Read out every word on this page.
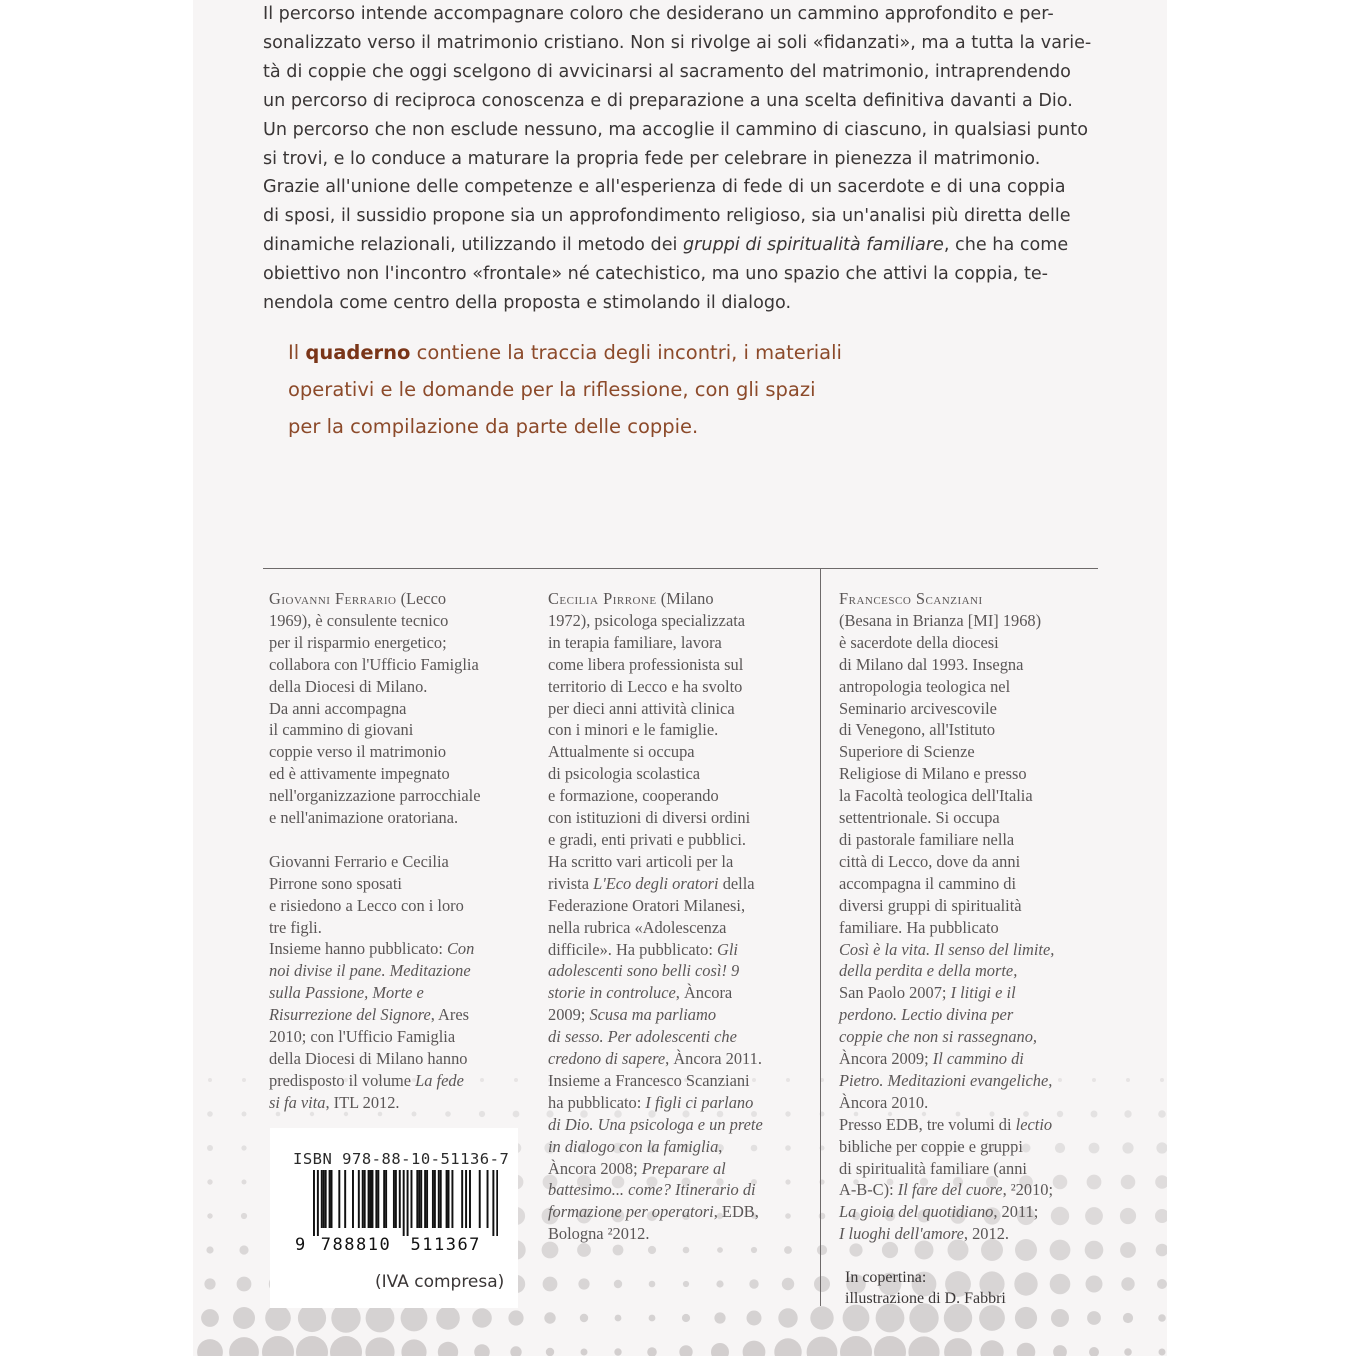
Il percorso intende accompagnare coloro che desiderano un cammino approfondito e per-

sonalizzato verso il matrimonio cristiano. Non si rivolge ai soli «fidanzati», ma a tutta la varie-

tà di coppie che oggi scelgono di avvicinarsi al sacramento del matrimonio, intraprendendo

un percorso di reciproca conoscenza e di preparazione a una scelta definitiva davanti a Dio.

Un percorso che non esclude nessuno, ma accoglie il cammino di ciascuno, in qualsiasi punto

si trovi, e lo conduce a maturare la propria fede per celebrare in pienezza il matrimonio.

Grazie all'unione delle competenze e all'esperienza di fede di un sacerdote e di una coppia

di sposi, il sussidio propone sia un approfondimento religioso, sia un'analisi più diretta delle

dinamiche relazionali, utilizzando il metodo dei gruppi di spiritualità familiare, che ha come

obiettivo non l'incontro «frontale» né catechistico, ma uno spazio che attivi la coppia, te-

nendola come centro della proposta e stimolando il dialogo.

Il quaderno contiene la traccia degli incontri, i materiali
operativi e le domande per la riflessione, con gli spazi
per la compilazione da parte delle coppie.

Giovanni Ferrario (Lecco

1969), è consulente tecnico

per il risparmio energetico;

collabora con l'Ufficio Famiglia

della Diocesi di Milano.

Da anni accompagna

il cammino di giovani

coppie verso il matrimonio

ed è attivamente impegnato

nell'organizzazione parrocchiale

e nell'animazione oratoriana.

Giovanni Ferrario e Cecilia

Pirrone sono sposati

e risiedono a Lecco con i loro

tre figli.

Insieme hanno pubblicato: Con

noi divise il pane. Meditazione

sulla Passione, Morte e

Risurrezione del Signore, Ares

2010; con l'Ufficio Famiglia

della Diocesi di Milano hanno

predisposto il volume La fede

si fa vita, ITL 2012.

Cecilia Pirrone (Milano

1972), psicologa specializzata

in terapia familiare, lavora

come libera professionista sul

territorio di Lecco e ha svolto

per dieci anni attività clinica

con i minori e le famiglie.

Attualmente si occupa

di psicologia scolastica

e formazione, cooperando

con istituzioni di diversi ordini

e gradi, enti privati e pubblici.

Ha scritto vari articoli per la

rivista L'Eco degli oratori della

Federazione Oratori Milanesi,

nella rubrica «Adolescenza

difficile». Ha pubblicato: Gli

adolescenti sono belli così! 9

storie in controluce, Àncora

2009; Scusa ma parliamo

di sesso. Per adolescenti che

credono di sapere, Àncora 2011.

Insieme a Francesco Scanziani

ha pubblicato: I figli ci parlano

di Dio. Una psicologa e un prete

in dialogo con la famiglia,

Àncora 2008; Preparare al

battesimo... come? Itinerario di

formazione per operatori, EDB,

Bologna ²2012.

Francesco Scanziani

(Besana in Brianza [MI] 1968)

è sacerdote della diocesi

di Milano dal 1993. Insegna

antropologia teologica nel

Seminario arcivescovile

di Venegono, all'Istituto

Superiore di Scienze

Religiose di Milano e presso

la Facoltà teologica dell'Italia

settentrionale. Si occupa

di pastorale familiare nella

città di Lecco, dove da anni

accompagna il cammino di

diversi gruppi di spiritualità

familiare. Ha pubblicato

Così è la vita. Il senso del limite,

della perdita e della morte,

San Paolo 2007; I litigi e il

perdono. Lectio divina per

coppie che non si rassegnano,

Àncora 2009; Il cammino di

Pietro. Meditazioni evangeliche,

Àncora 2010.

Presso EDB, tre volumi di lectio

bibliche per coppie e gruppi

di spiritualità familiare (anni

A-B-C): Il fare del cuore, ²2010;

La gioia del quotidiano, 2011;

I luoghi dell'amore, 2012.

ISBN 978-88-10-51136-7
9 788810 511367
(IVA compresa)	In copertina:

illustrazione di D. Fabbri
